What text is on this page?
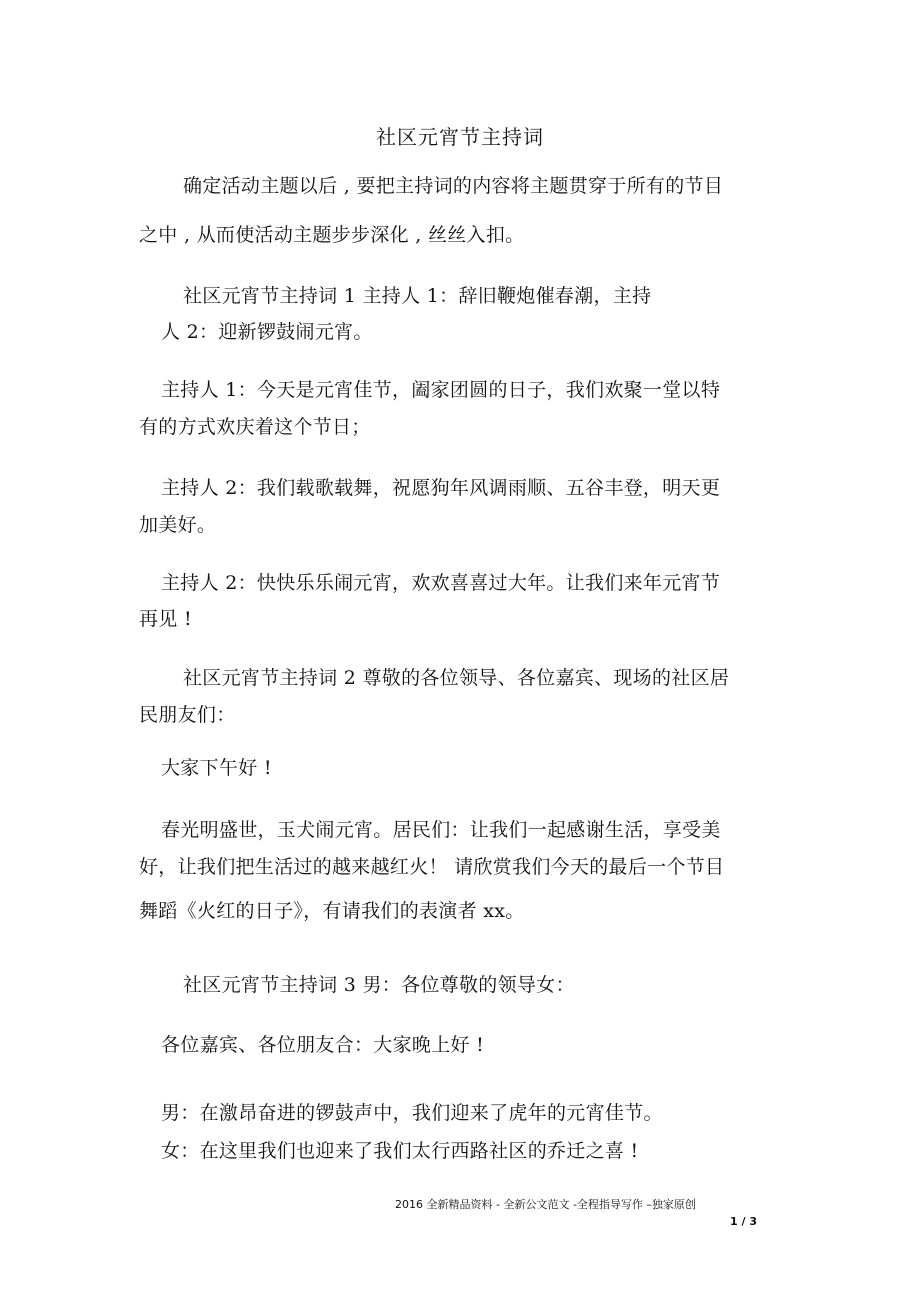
社区元宵节主持词
确定活动主题以后 , 要把主持词的内容将主题贯穿于所有的节目
之中 , 从而使活动主题步步深化 , 丝丝入扣。
社区元宵节主持词 1 主持人 1：辞旧鞭炮催春潮，主持
人 2：迎新锣鼓闹元宵。
主持人 1：今天是元宵佳节，阖家团圆的日子，我们欢聚一堂以特
有的方式欢庆着这个节日；
主持人 2：我们载歌载舞，祝愿狗年风调雨顺、五谷丰登，明天更
加美好。
主持人 2：快快乐乐闹元宵，欢欢喜喜过大年。让我们来年元宵节
再见 !
社区元宵节主持词 2 尊敬的各位领导、各位嘉宾、现场的社区居
民朋友们：
大家下午好 !
春光明盛世，玉犬闹元宵。居民们：让我们一起感谢生活，享受美
好，让我们把生活过的越来越红火！ 请欣赏我们今天的最后一个节目
舞蹈《火红的日子》，有请我们的表演者 xx。
社区元宵节主持词 3 男：各位尊敬的领导女：
各位嘉宾、各位朋友合：大家晚上好 !
男：在激昂奋进的锣鼓声中，我们迎来了虎年的元宵佳节。
女：在这里我们也迎来了我们太行西路社区的乔迁之喜 !
2016 全新精品资料 - 全新公文范文 -全程指导写作 –独家原创
1 / 3
